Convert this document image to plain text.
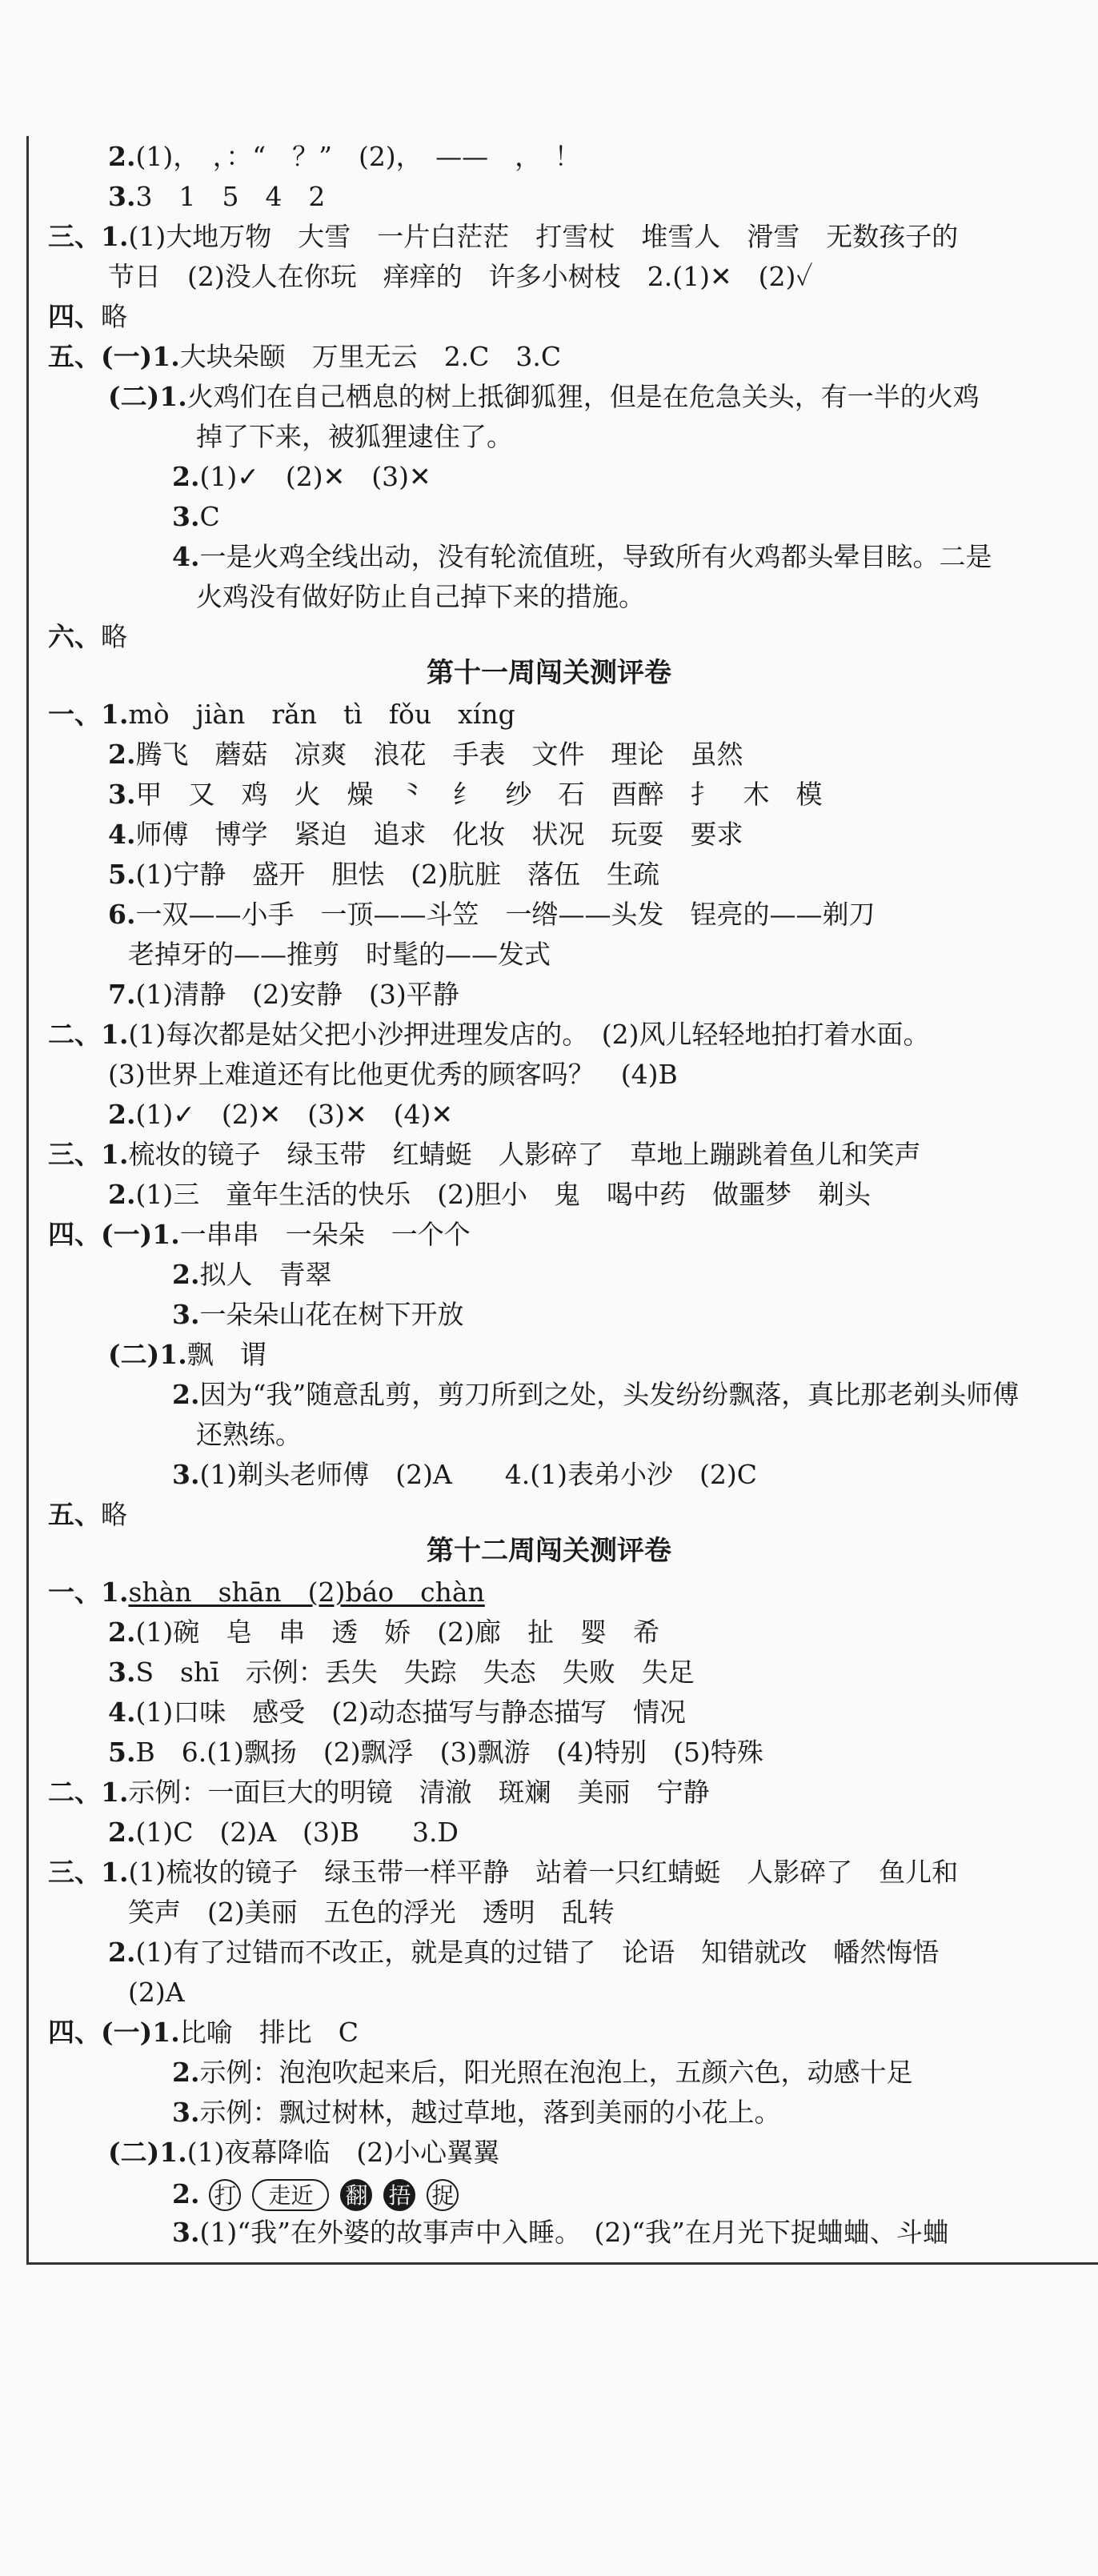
2.(1)，　，：“　？”　(2)，　——　，　！
3.3　1　5　4　2
三、1.(1)大地万物　大雪　一片白茫茫　打雪杖　堆雪人　滑雪　无数孩子的
节日　(2)没人在你玩　痒痒的　许多小树枝　2.(1)✕　(2)✓
四、略
五、(一)1.大块朵颐　万里无云　2.C　3.C
(二)1.火鸡们在自己栖息的树上抵御狐狸，但是在危急关头，有一半的火鸡
掉了下来，被狐狸逮住了。
2.(1)✓　(2)✕　(3)✕
3.C
4.一是火鸡全线出动，没有轮流值班，导致所有火鸡都头晕目眩。二是
火鸡没有做好防止自己掉下来的措施。
六、略
一、1.mò　jiàn　rǎn　tì　fǒu　xíng
2.腾飞　蘑菇　凉爽　浪花　手表　文件　理论　虽然
3.甲　又　鸡　火　燥　⺀　纟　纱　石　酉醉　扌　木　模
4.师傅　博学　紧迫　追求　化妆　状况　玩耍　要求
5.(1)宁静　盛开　胆怯　(2)肮脏　落伍　生疏
6.一双——小手　一顶——斗笠　一绺——头发　锃亮的——剃刀
老掉牙的——推剪　时髦的——发式
7.(1)清静　(2)安静　(3)平静
二、1.(1)每次都是姑父把小沙押进理发店的。　(2)风儿轻轻地拍打着水面。
(3)世界上难道还有比他更优秀的顾客吗？　(4)B
2.(1)✓　(2)✕　(3)✕　(4)✕
三、1.梳妆的镜子　绿玉带　红蜻蜓　人影碎了　草地上蹦跳着鱼儿和笑声
2.(1)三　童年生活的快乐　(2)胆小　鬼　喝中药　做噩梦　剃头
四、(一)1.一串串　一朵朵　一个个
2.拟人　青翠
3.一朵朵山花在树下开放
(二)1.飘　谓
2.因为“我”随意乱剪，剪刀所到之处，头发纷纷飘落，真比那老剃头师傅
还熟练。
3.(1)剃头老师傅　(2)A　　4.(1)表弟小沙　(2)C
五、略
一、1.shàn　shān　(2)báo　chàn
2.(1)碗　皂　串　透　娇　(2)廊　扯　婴　希
3.S　shī　示例：丢失　失踪　失态　失败　失足
4.(1)口味　感受　(2)动态描写与静态描写　情况
5.B　6.(1)飘扬　(2)飘浮　(3)飘游　(4)特别　(5)特殊
二、1.示例：一面巨大的明镜　清澈　斑斓　美丽　宁静
2.(1)C　(2)A　(3)B　　3.D
三、1.(1)梳妆的镜子　绿玉带一样平静　站着一只红蜻蜓　人影碎了　鱼儿和
笑声　(2)美丽　五色的浮光　透明　乱转
2.(1)有了过错而不改正，就是真的过错了　论语　知错就改　幡然悔悟
(2)A
四、(一)1.比喻　排比　C
2.示例：泡泡吹起来后，阳光照在泡泡上，五颜六色，动感十足
3.示例：飘过树林，越过草地，落到美丽的小花上。
(二)1.(1)夜幕降临　(2)小心翼翼
3.(1)“我”在外婆的故事声中入睡。　(2)“我”在月光下捉蛐蛐、斗蛐
第十一周闯关测评卷
第十二周闯关测评卷
2. 打 走近 翻 捂 捉
